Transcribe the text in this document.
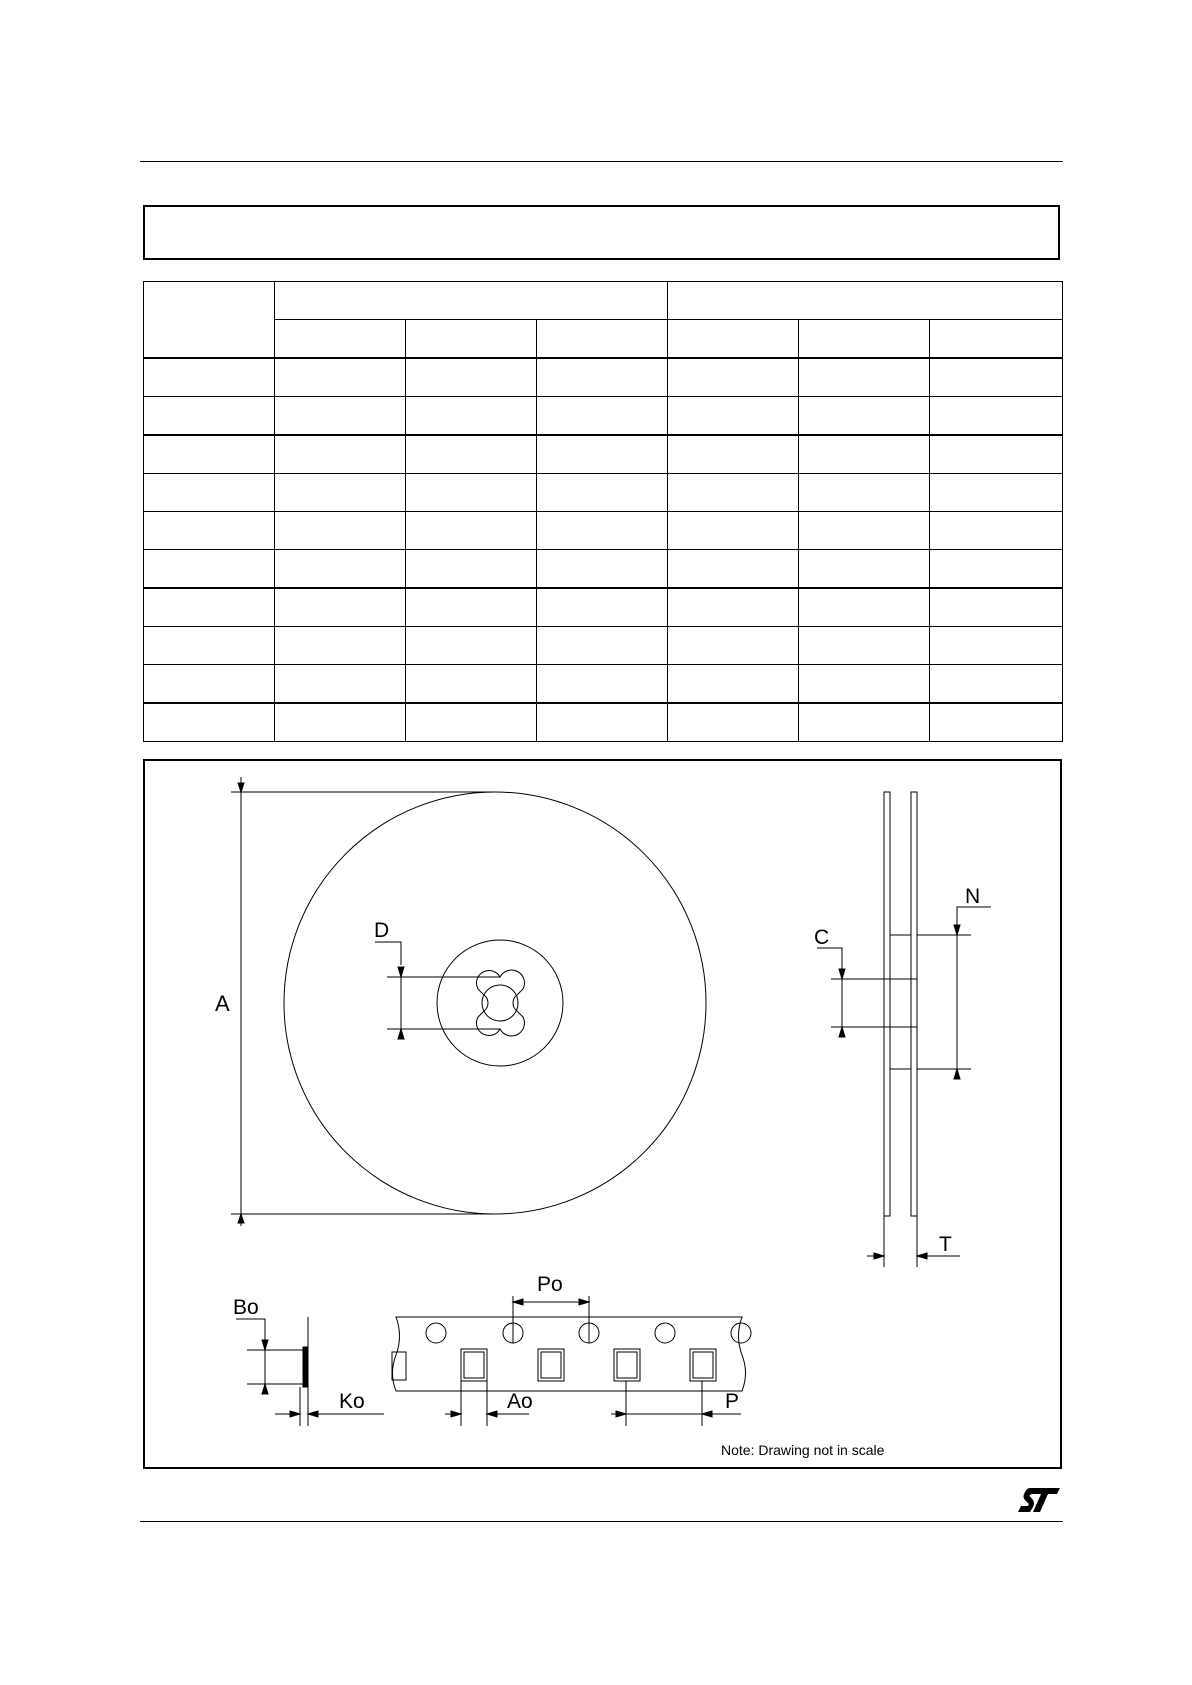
A
D	C
N
T
Po
Bo
Ko	Ao	P
Note: Drawing not in scale
